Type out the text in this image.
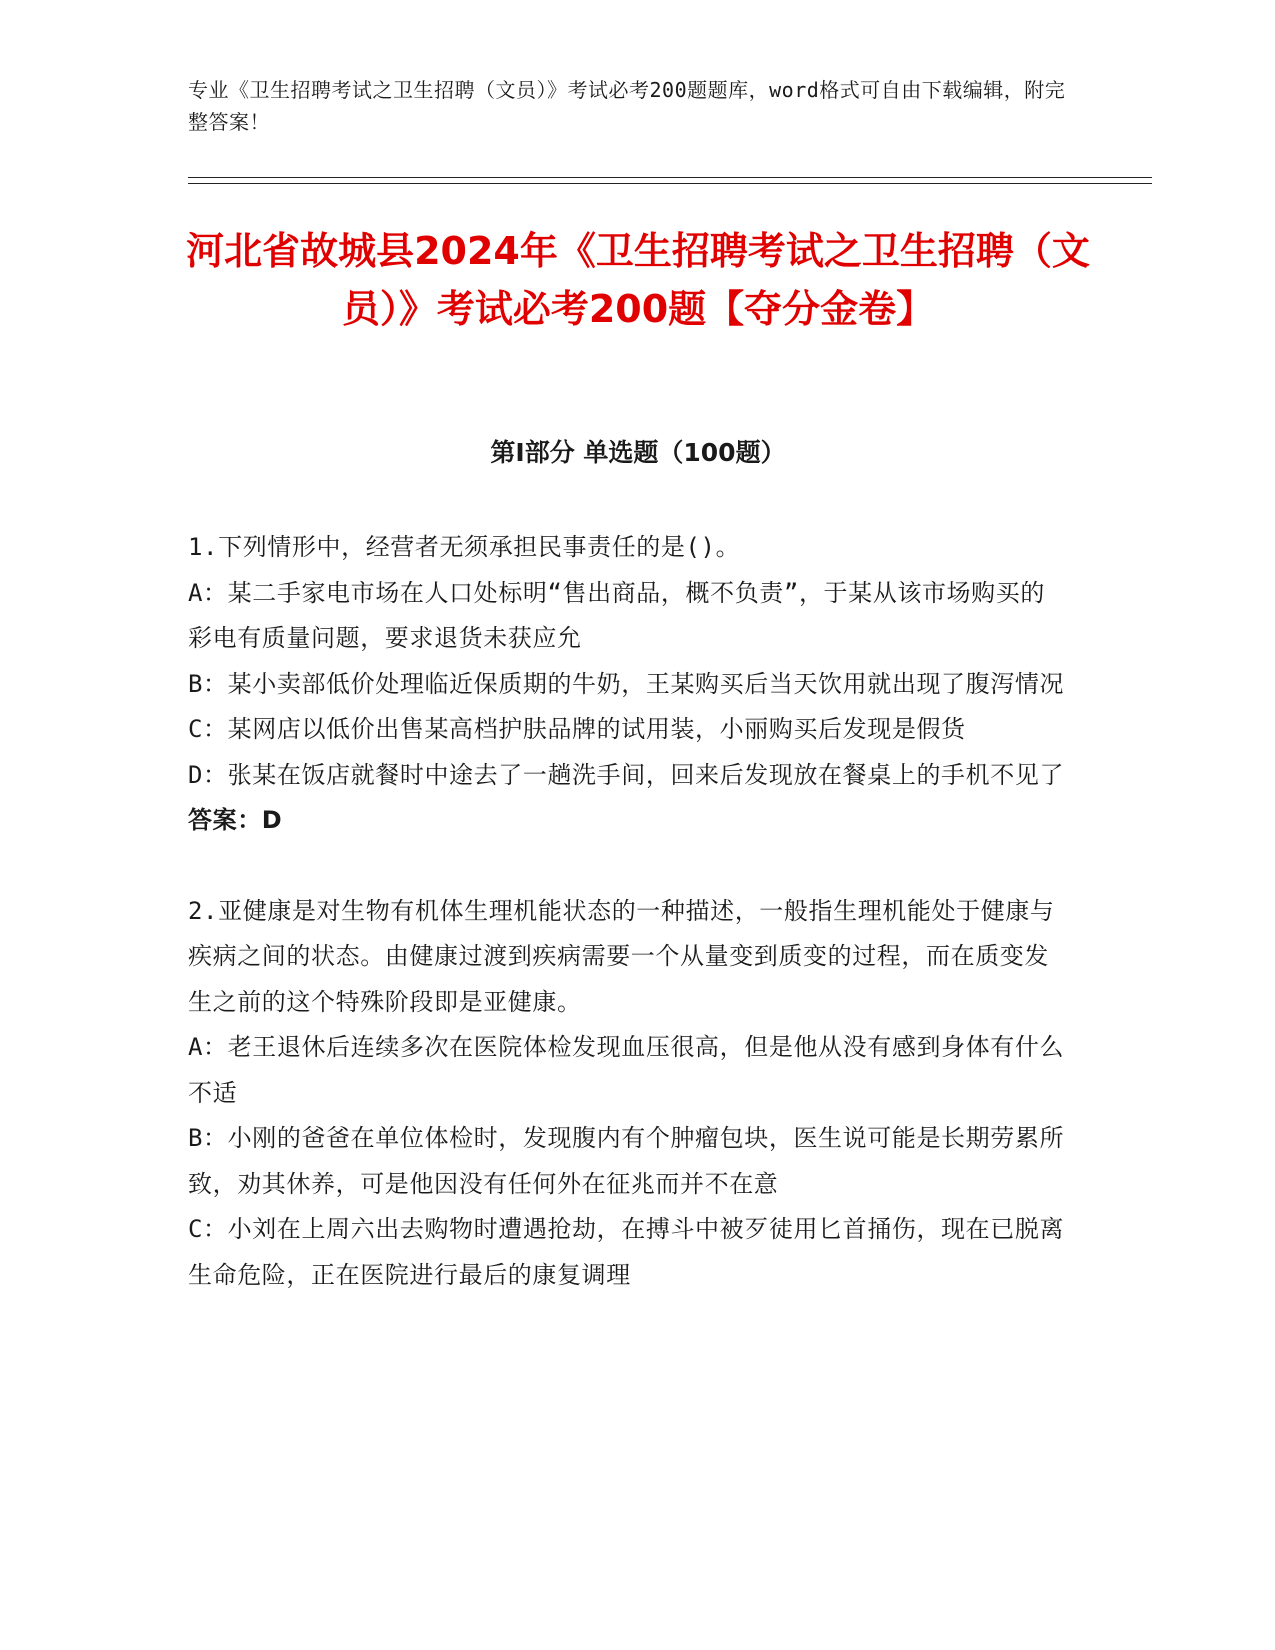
专业《卫生招聘考试之卫生招聘（文员）》考试必考200题题库，word格式可自由下载编辑，附完整答案！
河北省故城县2024年《卫生招聘考试之卫生招聘（文员）》考试必考200题【夺分金卷】
第I部分 单选题（100题）

1.下列情形中，经营者无须承担民事责任的是()。

A：某二手家电市场在人口处标明“售出商品，概不负责”，于某从该市场购买的彩电有质量问题，要求退货未获应允

B：某小卖部低价处理临近保质期的牛奶，王某购买后当天饮用就出现了腹泻情况

C：某网店以低价出售某高档护肤品牌的试用装，小丽购买后发现是假货

D：张某在饭店就餐时中途去了一趟洗手间，回来后发现放在餐桌上的手机不见了

答案：D

2.亚健康是对生物有机体生理机能状态的一种描述，一般指生理机能处于健康与疾病之间的状态。由健康过渡到疾病需要一个从量变到质变的过程，而在质变发生之前的这个特殊阶段即是亚健康。

A：老王退休后连续多次在医院体检发现血压很高，但是他从没有感到身体有什么不适

B：小刚的爸爸在单位体检时，发现腹内有个肿瘤包块，医生说可能是长期劳累所致，劝其休养，可是他因没有任何外在征兆而并不在意

C：小刘在上周六出去购物时遭遇抢劫，在搏斗中被歹徒用匕首捅伤，现在已脱离生命危险，正在医院进行最后的康复调理
